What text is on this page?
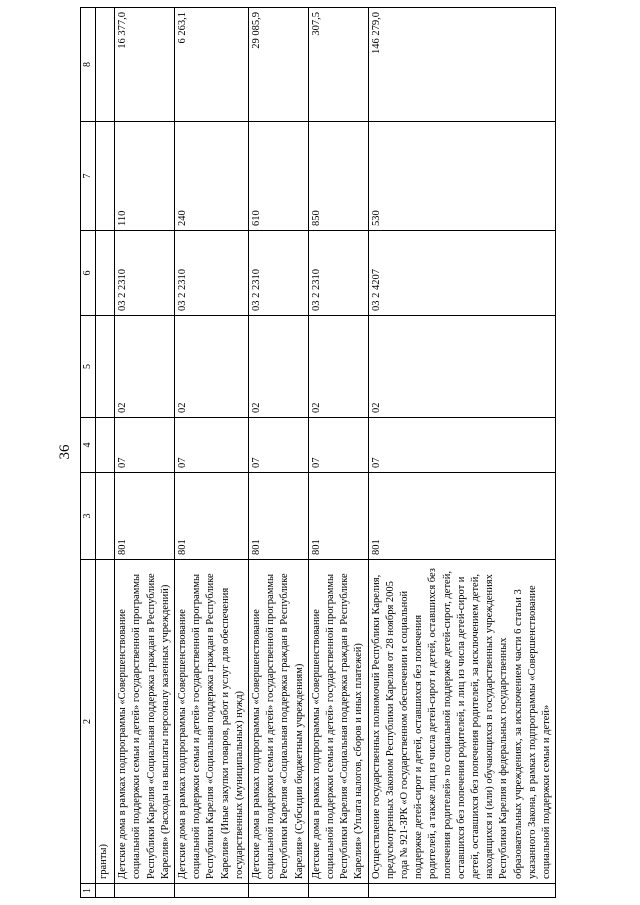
36
1	2	3	4	5	6	7	8
	гранты)						
	Детские дома в рамках подпрограммы «Совершенствование социальной поддержки семьи и детей» государственной программы Республики Карелия «Социальная поддержка граждан в Республике Карелия» (Расходы на выплаты персоналу казенных учреждений)	801	07	02	03 2 2310	110	16 377,0
	Детские дома в рамках подпрограммы «Совершенствование социальной поддержки семьи и детей» государственной программы Республики Карелия «Социальная поддержка граждан в Республике Карелия» (Иные закупки товаров, работ и услуг для обеспечения государственных (муниципальных) нужд)	801	07	02	03 2 2310	240	6 263,1
	Детские дома в рамках подпрограммы «Совершенствование социальной поддержки семьи и детей» государственной программы Республики Карелия «Социальная поддержка граждан в Республике Карелия» (Субсидии бюджетным учреждениям)	801	07	02	03 2 2310	610	29 085,9
	Детские дома в рамках подпрограммы «Совершенствование социальной поддержки семьи и детей» государственной программы Республики Карелия «Социальная поддержка граждан в Республике Карелия» (Уплата налогов, сборов и иных платежей)	801	07	02	03 2 2310	850	307,5
	Осуществление государственных полномочий Республики Карелия, предусмотренных Законом Республики Карелия от 28 ноября 2005 года № 921-ЗРК «О государственном обеспечении и социальной поддержке детей-сирот и детей, оставшихся без попечения родителей, а также лиц из числа детей-сирот и детей, оставшихся без попечения родителей» по социальной поддержке детей-сирот, детей, оставшихся без попечения родителей, и лиц из числа детей-сирот и детей, оставшихся без попечения родителей, за исключением детей, находящихся и (или) обучающихся в государственных учреждениях Республики Карелия и федеральных государственных образовательных учреждениях, за исключением части 6 статьи 3 указанного Закона, в рамках подпрограммы «Совершенствование социальной поддержки семьи и детей»	801	07	02	03 2 4207	530	146 279,0
